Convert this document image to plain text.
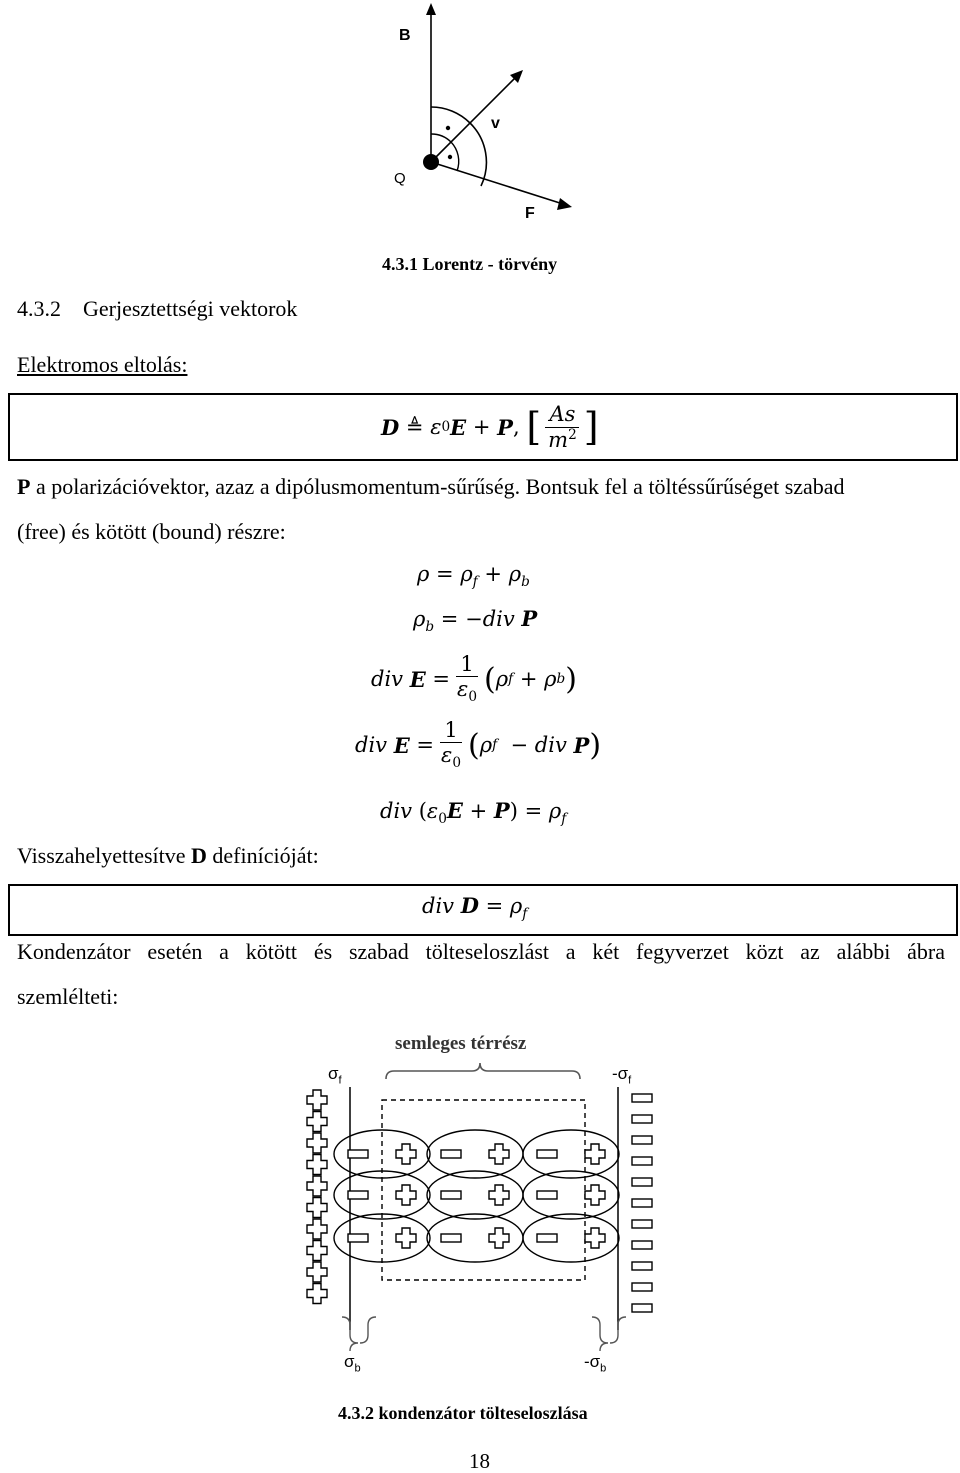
B
v
Q
F
4.3.1 Lorentz - törvény
4.3.2 Gerjesztettségi vektorok
Elektromos eltolás:
D
≜ ε 0 E
+
P ,
[ $\frac{As}{m^2}$ ]
P a polarizációvektor, azaz a dipólusmomentum-sűrűség. Bontsuk fel a töltéssűrűséget szabad
(free) és kötött (bound) részre:
$\rho = \rho_f + \rho_b$
$\rho_b = -div$ P
div
E
= $\frac{1}{\varepsilon_0}$ ( ρ f
+ ρ b )
div
E
= $\frac{1}{\varepsilon_0}$ ( ρ f
−
div
P )
div $(\varepsilon_0E + P) = \rho_f$
Visszahelyettesítve D definícióját:
div $D = \rho_f$
Kondenzátor esetén a kötött és szabad tölteseloszlást a két fegyverzet közt az alábbi ábra
szemlélteti:
semleges térrész
$\sigma_f$	$-\sigma_f$
$\sigma_b$	$-\sigma_b$
4.3.2 kondenzátor tölteseloszlása
18
